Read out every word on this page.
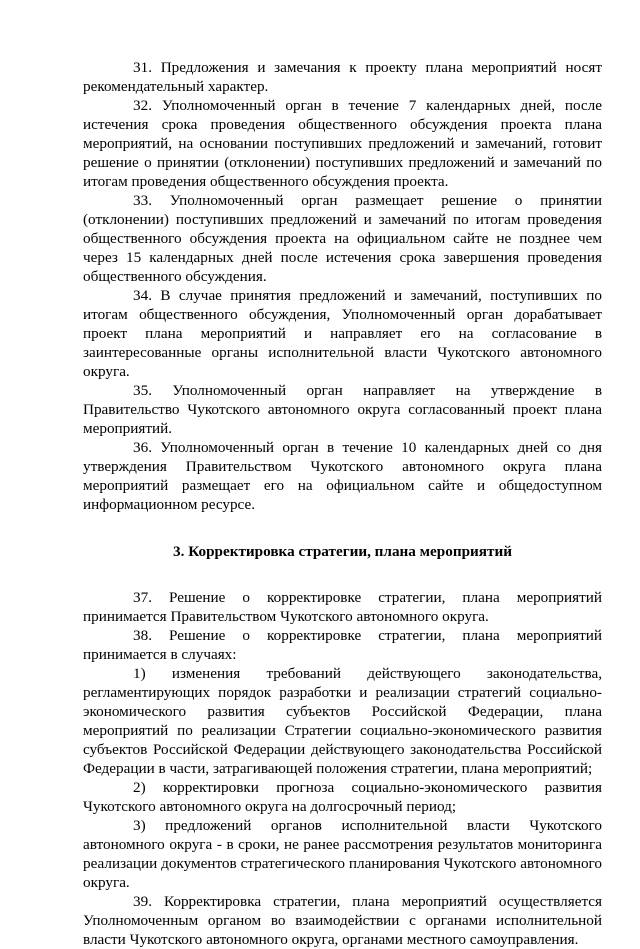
31. Предложения и замечания к проекту плана мероприятий носят рекомендательный характер.

32. Уполномоченный орган в течение 7 календарных дней, после истечения срока проведения общественного обсуждения проекта плана мероприятий, на основании поступивших предложений и замечаний, готовит решение о принятии (отклонении) поступивших предложений и замечаний по итогам проведения общественного обсуждения проекта.

33. Уполномоченный орган размещает решение о принятии (отклонении) поступивших предложений и замечаний по итогам проведения общественного обсуждения проекта на официальном сайте не позднее чем через 15 календарных дней после истечения срока завершения проведения общественного обсуждения.

34. В случае принятия предложений и замечаний, поступивших по итогам общественного обсуждения, Уполномоченный орган дорабатывает проект плана мероприятий и направляет его на согласование в заинтересованные органы исполнительной власти Чукотского автономного округа.

35. Уполномоченный орган направляет на утверждение в Правительство Чукотского автономного округа согласованный проект плана мероприятий.

36. Уполномоченный орган в течение 10 календарных дней со дня утверждения Правительством Чукотского автономного округа плана мероприятий размещает его на официальном сайте и общедоступном информационном ресурсе.

3. Корректировка стратегии, плана мероприятий

37. Решение о корректировке стратегии, плана мероприятий принимается Правительством Чукотского автономного округа.

38. Решение о корректировке стратегии, плана мероприятий принимается в случаях:

1) изменения требований действующего законодательства, регламентирующих порядок разработки и реализации стратегий социально-экономического развития субъектов Российской Федерации, плана мероприятий по реализации Стратегии социально-экономического развития субъектов Российской Федерации действующего законодательства Российской Федерации в части, затрагивающей положения стратегии, плана мероприятий;

2) корректировки прогноза социально-экономического развития Чукотского автономного округа на долгосрочный период;

3) предложений органов исполнительной власти Чукотского автономного округа - в сроки, не ранее рассмотрения результатов мониторинга реализации документов стратегического планирования Чукотского автономного округа.

39. Корректировка стратегии, плана мероприятий осуществляется Уполномоченным органом во взаимодействии с органами исполнительной власти Чукотского автономного округа, органами местного самоуправления.
